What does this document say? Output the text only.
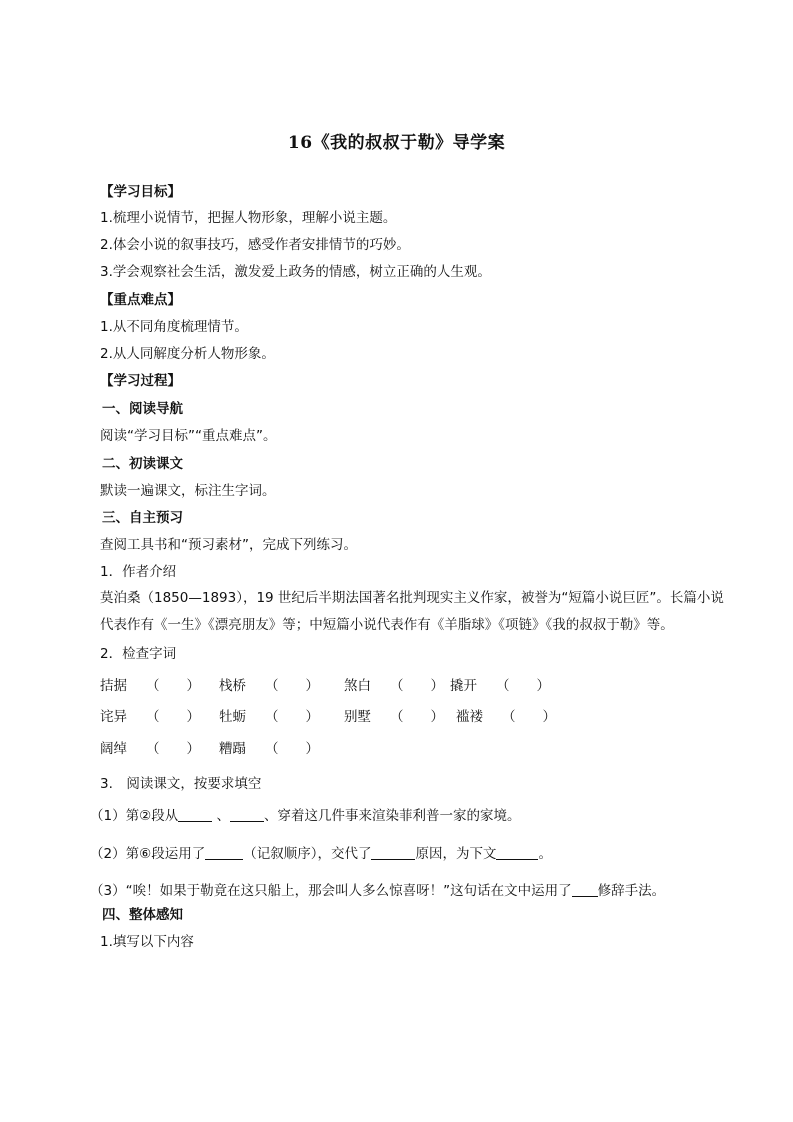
16《我的叔叔于勒》导学案
【学习目标】
1.梳理小说情节，把握人物形象，理解小说主题。
2.体会小说的叙事技巧，感受作者安排情节的巧妙。
3.学会观察社会生活，激发爱上政务的情感，树立正确的人生观。
【重点难点】
1.从不同角度梳理情节。
2.从人同解度分析人物形象。
【学习过程】
一、阅读导航
阅读“学习目标”“重点难点”。
二、初读课文
默读一遍课文，标注生字词。
三、自主预习
查阅工具书和“预习素材”，完成下列练习。
1．作者介绍
莫泊桑（1850—1893），19 世纪后半期法国著名批判现实主义作家，被誉为“短篇小说巨匠”。长篇小说代表作有《一生》《漂亮朋友》等；中短篇小说代表作有《羊脂球》《项链》《我的叔叔于勒》等。
2．检查字词
拮据 （　　） 栈桥 （　　） 煞白 （　　） 撬开 （　　）
诧异 （　　） 牡蛎 （　　） 别墅 （　　） 褴褛 （　　）
阔绰 （　　） 糟蹋 （　　）
3.　阅读课文，按要求填空
（1）第②段从	、	、穿着这几件事来渲染菲利普一家的家境。
（2）第⑥段运用了	（记叙顺序），交代了	原因，为下文	。
（3）“唉！如果于勒竟在这只船上，那会叫人多么惊喜呀！”这句话在文中运用了 修辞手法。
四、整体感知
1.填写以下内容
